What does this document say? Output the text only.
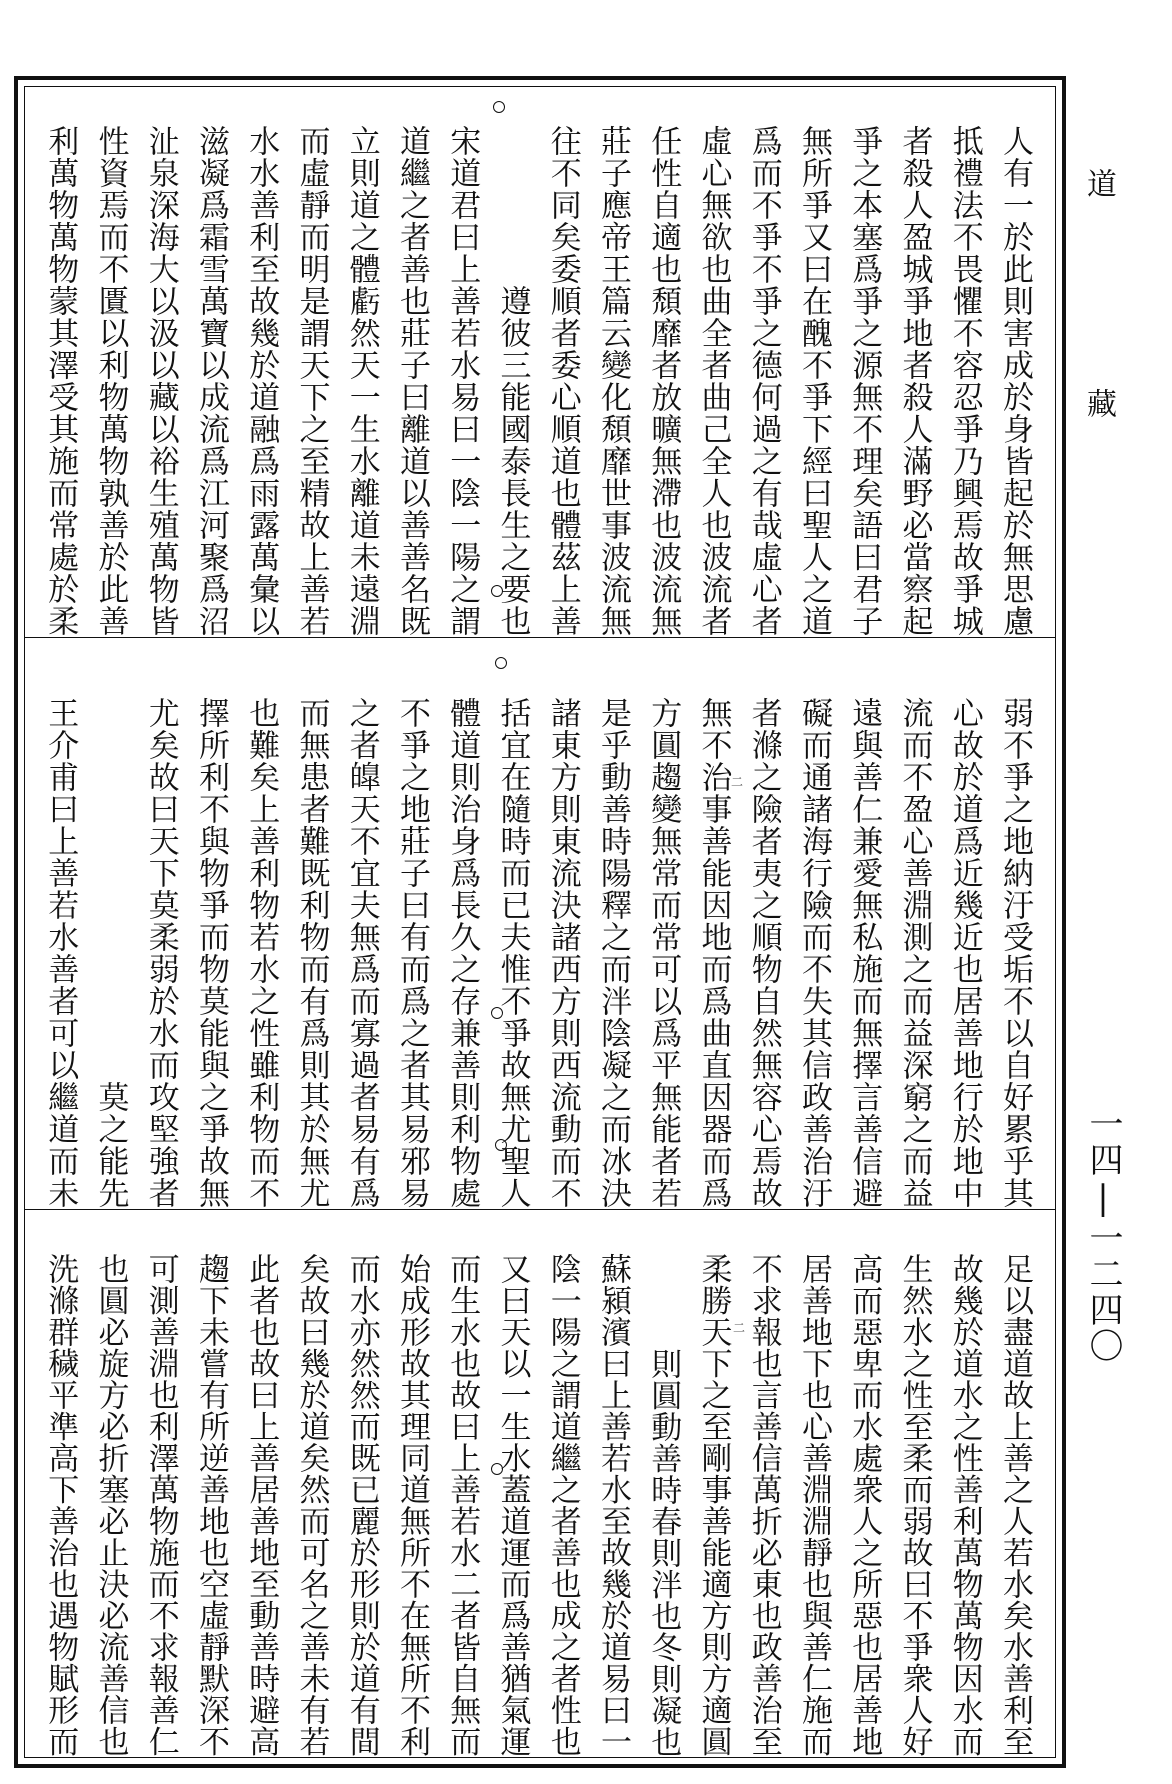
人有一於此則害成於身皆起於無思慮
抵禮法不畏懼不容忍爭乃興焉故爭城
者殺人盈城爭地者殺人滿野必當察起
爭之本塞爲爭之源無不理矣語曰君子
無所爭又曰在醜不爭下經曰聖人之道
爲而不爭不爭之德何過之有哉虛心者
虛心無欲也曲全者曲己全人也波流者
任性自適也頹靡者放曠無滯也波流無
莊子應帝王篇云變化頹靡世事波流無
往不同矣委順者委心順道也體茲上善
遵彼三能國泰長生之要也
宋道君曰上善若水易曰一陰一陽之謂
道繼之者善也莊子曰離道以善善名既
立則道之體虧然天一生水離道未遠淵
而虛靜而明是謂天下之至精故上善若
水水善利至故幾於道融爲雨露萬彙以
滋凝爲霜雪萬寶以成流爲江河聚爲沼
沚泉深海大以汲以藏以裕生殖萬物皆
性資焉而不匱以利物萬物孰善於此善
利萬物萬物蒙其澤受其施而常處於柔
弱不爭之地納汙受垢不以自好累乎其
心故於道爲近幾近也居善地行於地中
流而不盈心善淵測之而益深窮之而益
遠與善仁兼愛無私施而無擇言善信避
礙而通諸海行險而不失其信政善治汙
者滌之險者夷之順物自然無容心焉故
無不治事善能因地而爲曲直因器而爲
方圓趨變無常而常可以爲平無能者若
是乎動善時陽釋之而泮陰凝之而冰決
諸東方則東流決諸西方則西流動而不
括宜在隨時而已夫惟不爭故無尤聖人
體道則治身爲長久之存兼善則利物處
不爭之地莊子曰有而爲之者其易邪易
之者皥天不宜夫無爲而寡過者易有爲
而無患者難既利物而有爲則其於無尤
也難矣上善利物若水之性雖利物而不
擇所利不與物爭而物莫能與之爭故無
尤矣故曰天下莫柔弱於水而攻堅強者
莫之能先
王介甫曰上善若水善者可以繼道而未
足以盡道故上善之人若水矣水善利至
故幾於道水之性善利萬物萬物因水而
生然水之性至柔而弱故曰不爭衆人好
高而惡卑而水處衆人之所惡也居善地
居善地下也心善淵淵靜也與善仁施而
不求報也言善信萬折必東也政善治至
柔勝天下之至剛事善能適方則方適圓
則圓動善時春則泮也冬則凝也
蘇潁濱曰上善若水至故幾於道易曰一
陰一陽之謂道繼之者善也成之者性也
又曰天以一生水蓋道運而爲善猶氣運
而生水也故曰上善若水二者皆自無而
始成形故其理同道無所不在無所不利
而水亦然然而既已麗於形則於道有間
矣故曰幾於道矣然而可名之善未有若
此者也故曰上善居善地至動善時避高
趨下未嘗有所逆善地也空虛靜默深不
可測善淵也利澤萬物施而不求報善仁
也圓必旋方必折塞必止決必流善信也
洗滌群穢平準高下善治也遇物賦形而
二
二
道　藏
一四|一二四〇
